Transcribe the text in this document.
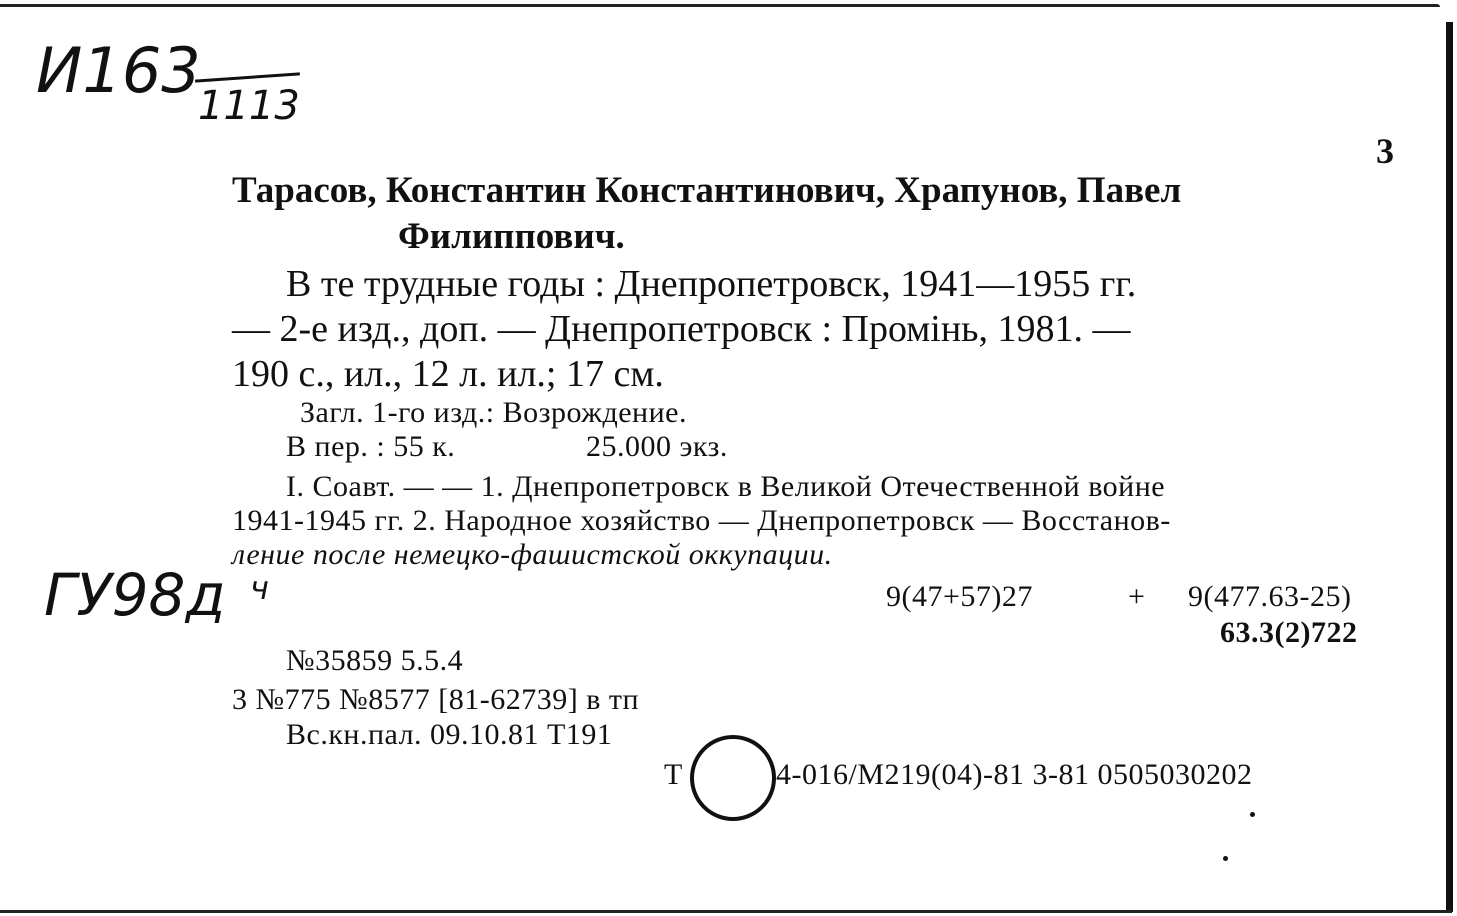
И163
1113
3
Тарасов, Константин Константинович, Храпунов, Павел
Филиппович.
В те трудные годы : Днепропетровск, 1941—1955 гг.
— 2-е изд., доп. — Днепропетровск : Промінь, 1981. —
190 с., ил., 12 л. ил.; 17 см.
Загл. 1-го изд.: Возрождение.
В пер. : 55 к.	25.000 экз.
I. Соавт. — — 1. Днепропетровск в Великой Отечественной войне
1941-1945 гг. 2. Народное хозяйство — Днепропетровск — Восстанов-
ление после немецко-фашистской оккупации.
ГУ98д ч	9(47+57)27	+ 9(477.63-25)
63.3(2)722
№35859 5.5.4
3 №775 №8577 [81-62739] в тп
Вс.кн.пал. 09.10.81 Т191
Т	4-016/М219(04)-81 3-81 0505030202
